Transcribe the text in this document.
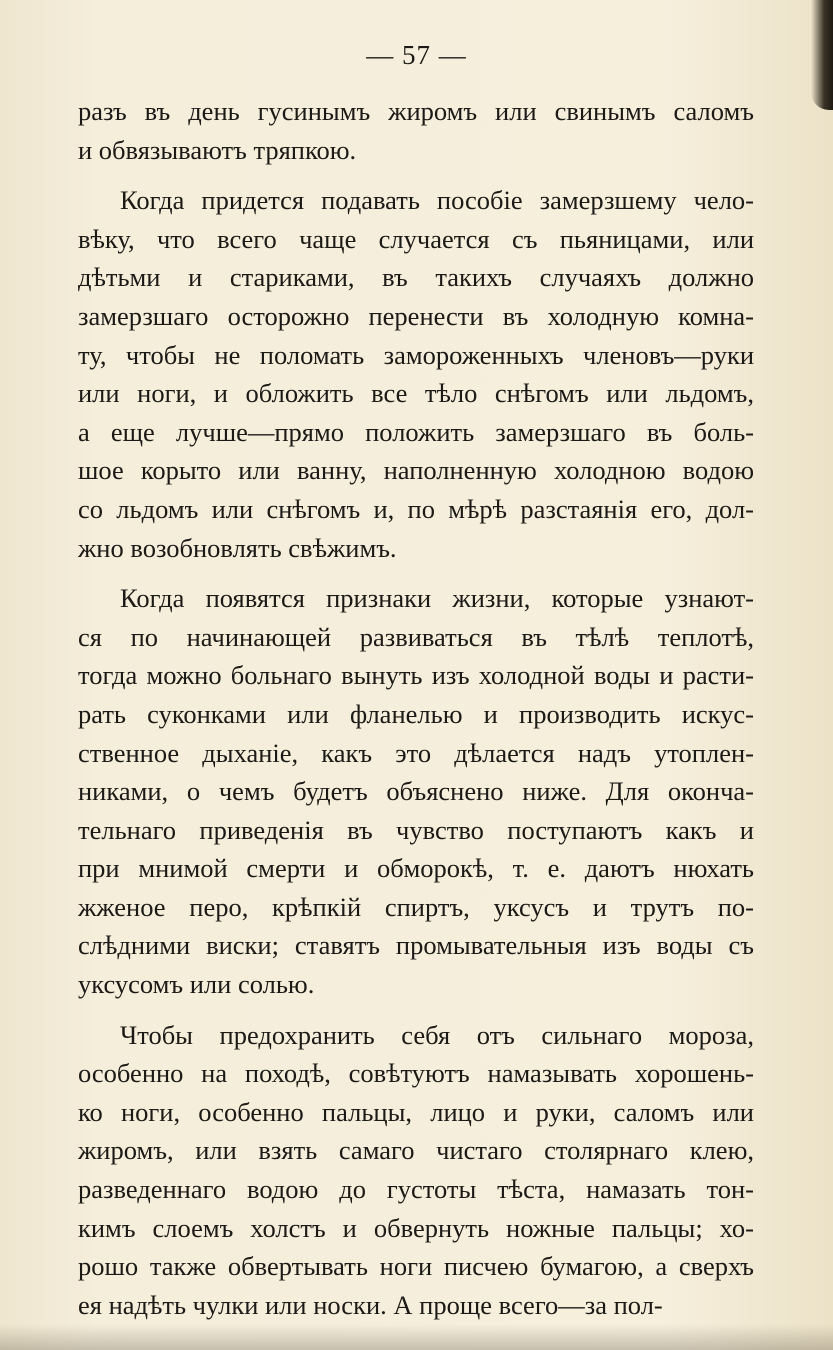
— 57 —
разъ въ день гусинымъ жиромъ или свинымъ саломъ
и обвязываютъ тряпкою.
Когда придется подавать пособіе замерзшему чело-
вѣку, что всего чаще случается съ пьяницами, или
дѣтьми и стариками, въ такихъ случаяхъ должно
замерзшаго осторожно перенести въ холодную комна-
ту, чтобы не поломать замороженныхъ членовъ—руки
или ноги, и обложить все тѣло снѣгомъ или льдомъ,
а еще лучше—прямо положить замерзшаго въ боль-
шое корыто или ванну, наполненную холодною водою
со льдомъ или снѣгомъ и, по мѣрѣ разстаянія его, дол-
жно возобновлять свѣжимъ.
Когда появятся признаки жизни, которые узнают-
ся по начинающей развиваться въ тѣлѣ теплотѣ,
тогда можно больнаго вынуть изъ холодной воды и расти-
рать суконками или фланелью и производить искус-
ственное дыханіе, какъ это дѣлается надъ утоплен-
никами, о чемъ будетъ объяснено ниже. Для оконча-
тельнаго приведенія въ чувство поступаютъ какъ и
при мнимой смерти и обморокѣ, т. е. даютъ нюхать
жженое перо, крѣпкій спиртъ, уксусъ и трутъ по-
слѣдними виски; ставятъ промывательныя изъ воды съ
уксусомъ или солью.
Чтобы предохранить себя отъ сильнаго мороза,
особенно на походѣ, совѣтуютъ намазывать хорошень-
ко ноги, особенно пальцы, лицо и руки, саломъ или
жиромъ, или взять самаго чистаго столярнаго клею,
разведеннаго водою до густоты тѣста, намазать тон-
кимъ слоемъ холстъ и обвернуть ножные пальцы; хо-
рошо также обвертывать ноги писчею бумагою, а сверхъ
ея надѣть чулки или носки. А проще всего—за пол-
